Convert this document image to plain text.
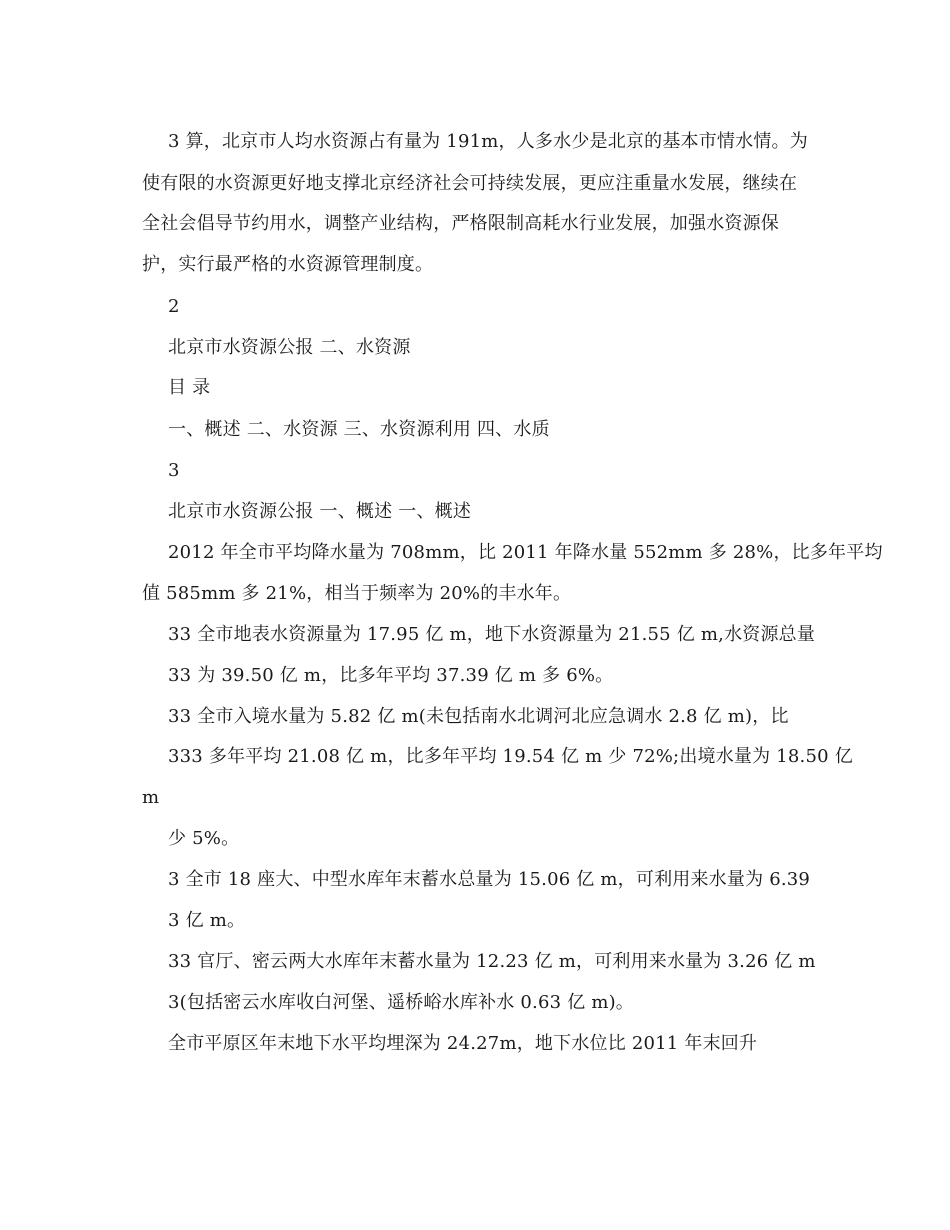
3 算，北京市人均水资源占有量为 191m，人多水少是北京的基本市情水情。为
使有限的水资源更好地支撑北京经济社会可持续发展，更应注重量水发展，继续在
全社会倡导节约用水，调整产业结构，严格限制高耗水行业发展，加强水资源保
护，实行最严格的水资源管理制度。
2
北京市水资源公报 二、水资源
目 录
一、概述 二、水资源 三、水资源利用 四、水质
3
北京市水资源公报 一、概述 一、概述
2012 年全市平均降水量为 708mm，比 2011 年降水量 552mm 多 28%，比多年平均
值 585mm 多 21%，相当于频率为 20%的丰水年。
33 全市地表水资源量为 17.95 亿 m，地下水资源量为 21.55 亿 m,水资源总量
33 为 39.50 亿 m，比多年平均 37.39 亿 m 多 6%。
33 全市入境水量为 5.82 亿 m(未包括南水北调河北应急调水 2.8 亿 m)，比
333 多年平均 21.08 亿 m，比多年平均 19.54 亿 m 少 72%;出境水量为 18.50 亿
m
少 5%。
3 全市 18 座大、中型水库年末蓄水总量为 15.06 亿 m，可利用来水量为 6.39
3 亿 m。
33 官厅、密云两大水库年末蓄水量为 12.23 亿 m，可利用来水量为 3.26 亿 m
3(包括密云水库收白河堡、遥桥峪水库补水 0.63 亿 m)。
全市平原区年末地下水平均埋深为 24.27m，地下水位比 2011 年末回升
